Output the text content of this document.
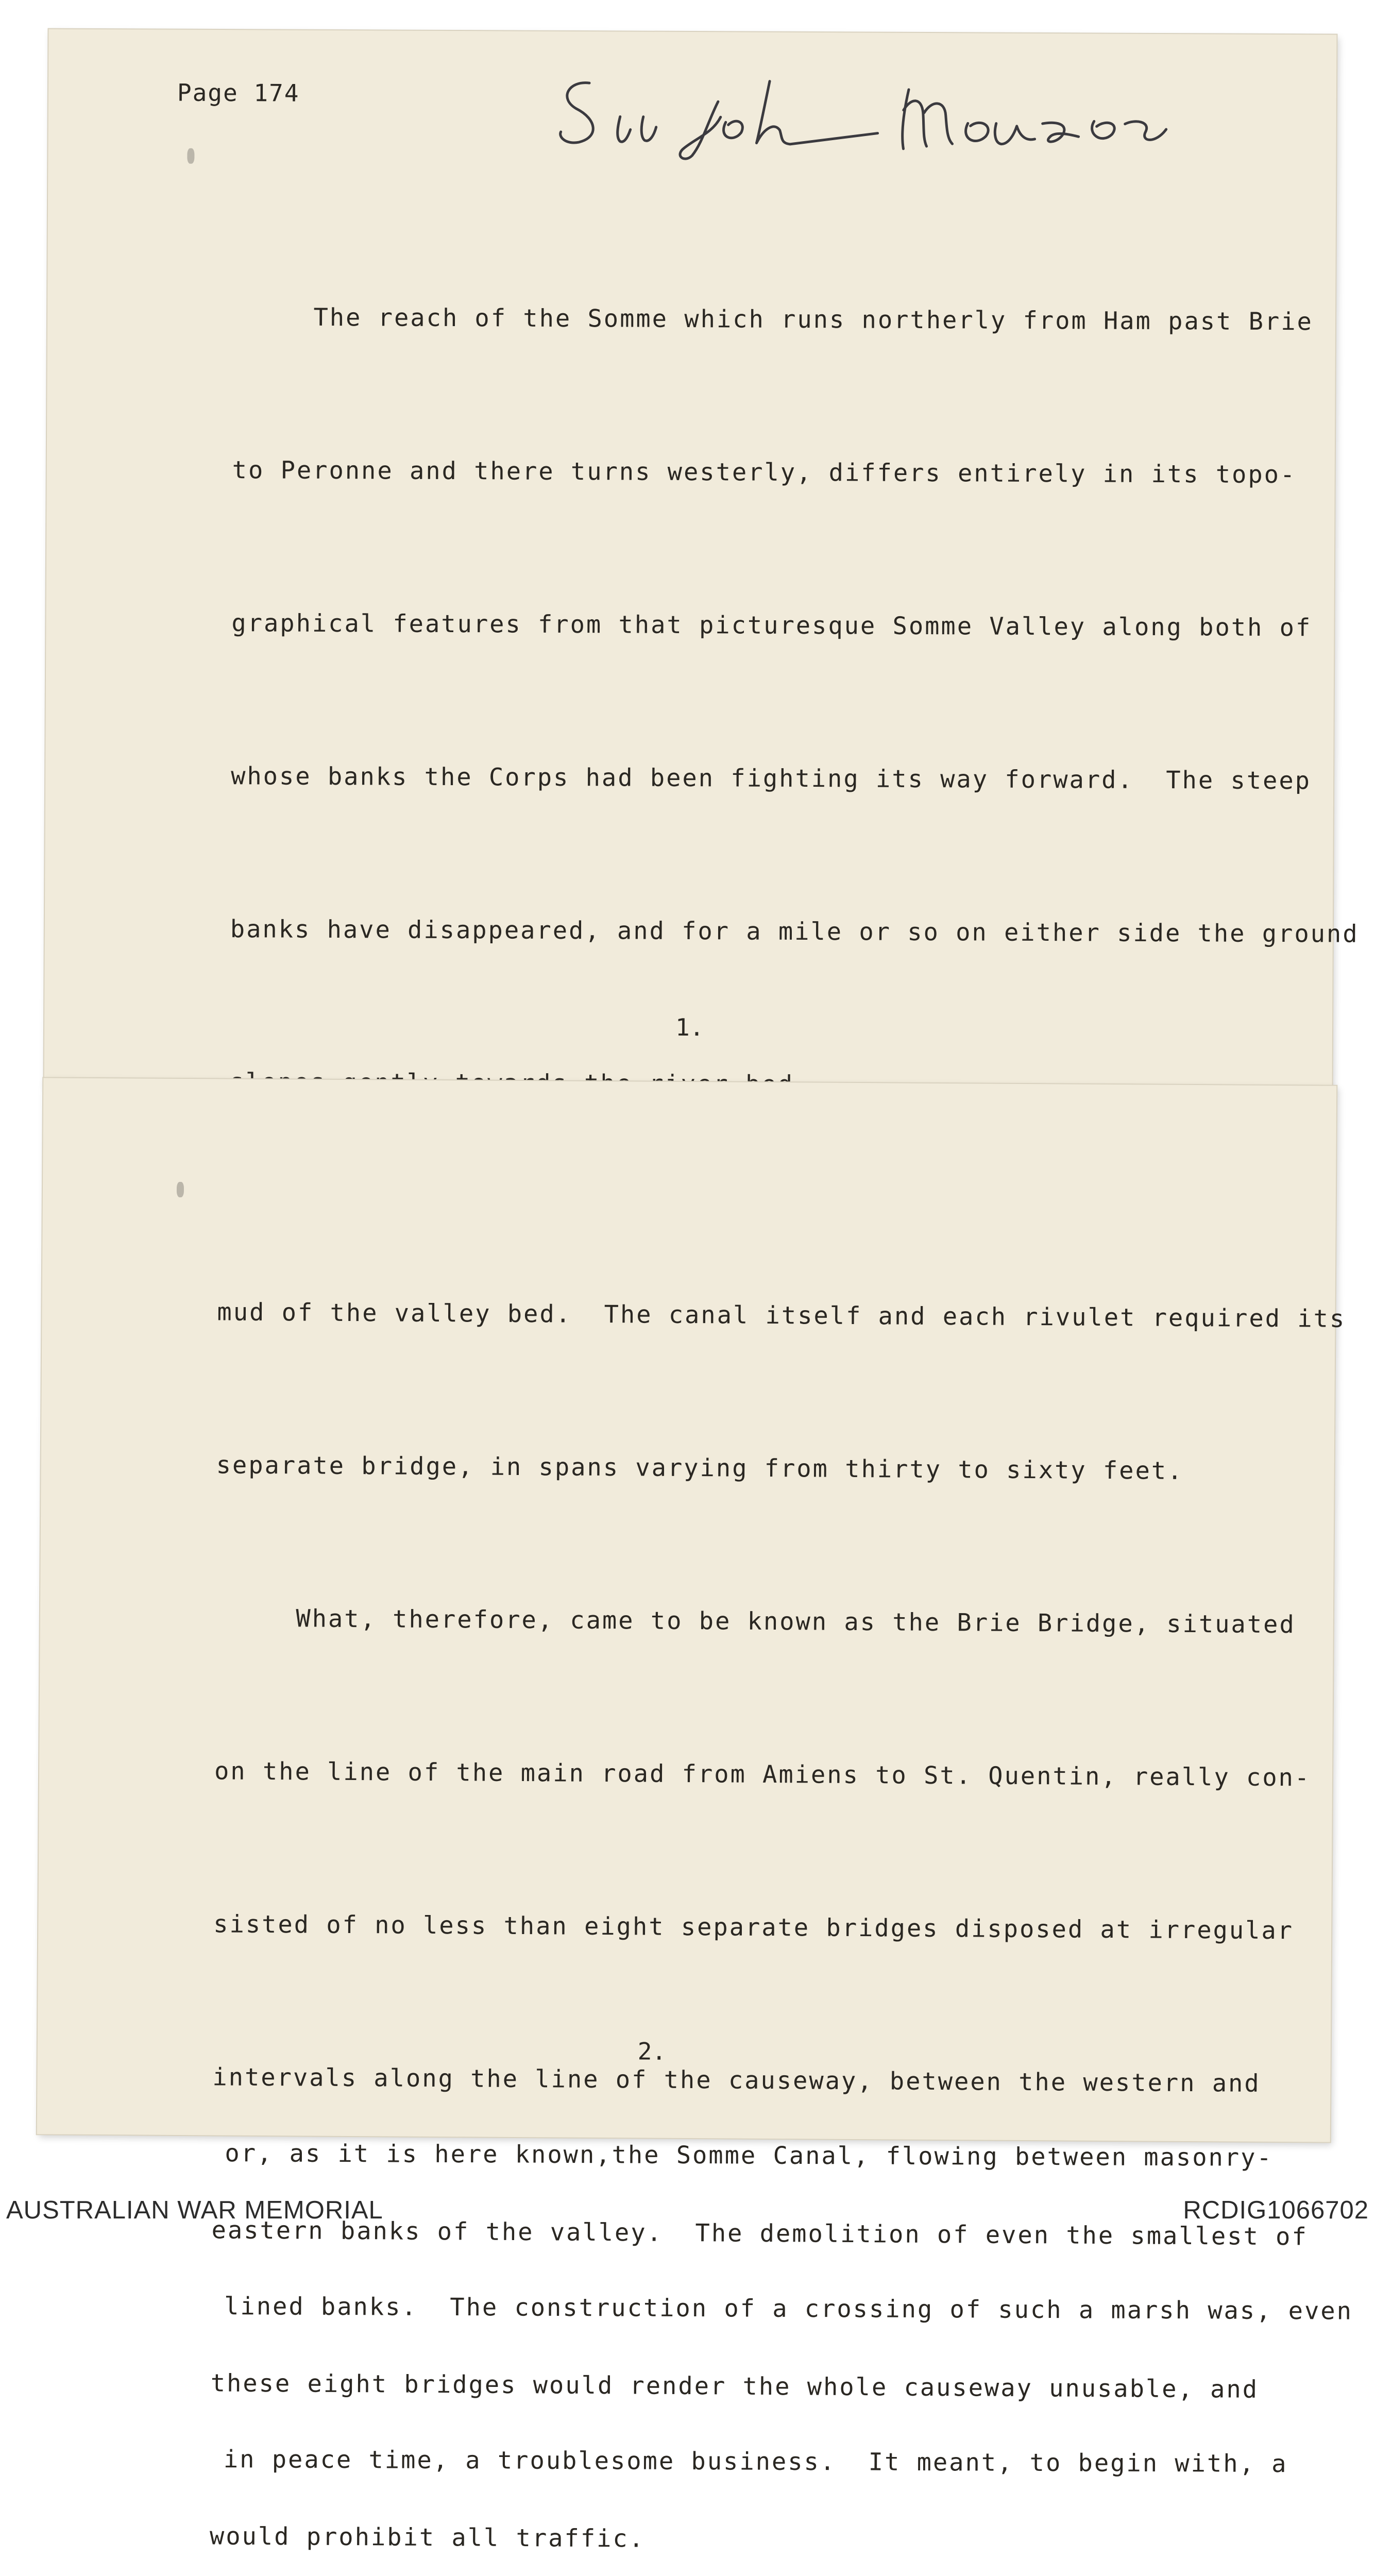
Page 174

The reach of the Somme which runs northerly from Ham past Brie

to Peronne and there turns westerly, differs entirely in its topo-

graphical features from that picturesque Somme Valley along both of

whose banks the Corps had been fighting its way forward.  The steep

banks have disappeared, and for a mile or so on either side the ground

or, as it is here known,the Somme Canal, flowing between masonry-

lined banks.  The construction of a crossing of such a marsh was, even

in peace time, a troublesome business.  It meant, to begin with, a

1.

mud of the valley bed.  The canal itself and each rivulet required its

separate bridge, in spans varying from thirty to sixty feet.

What, therefore, came to be known as the Brie Bridge, situated

on the line of the main road from Amiens to St. Quentin, really con-

sisted of no less than eight separate bridges disposed at irregular

intervals along the line of the causeway, between the western and

eastern banks of the valley.  The demolition of even the smallest of

these eight bridges would render the whole causeway unusable, and

would prohibit all traffic.

2.
AUSTRALIAN WAR MEMORIAL	RCDIG1066702
